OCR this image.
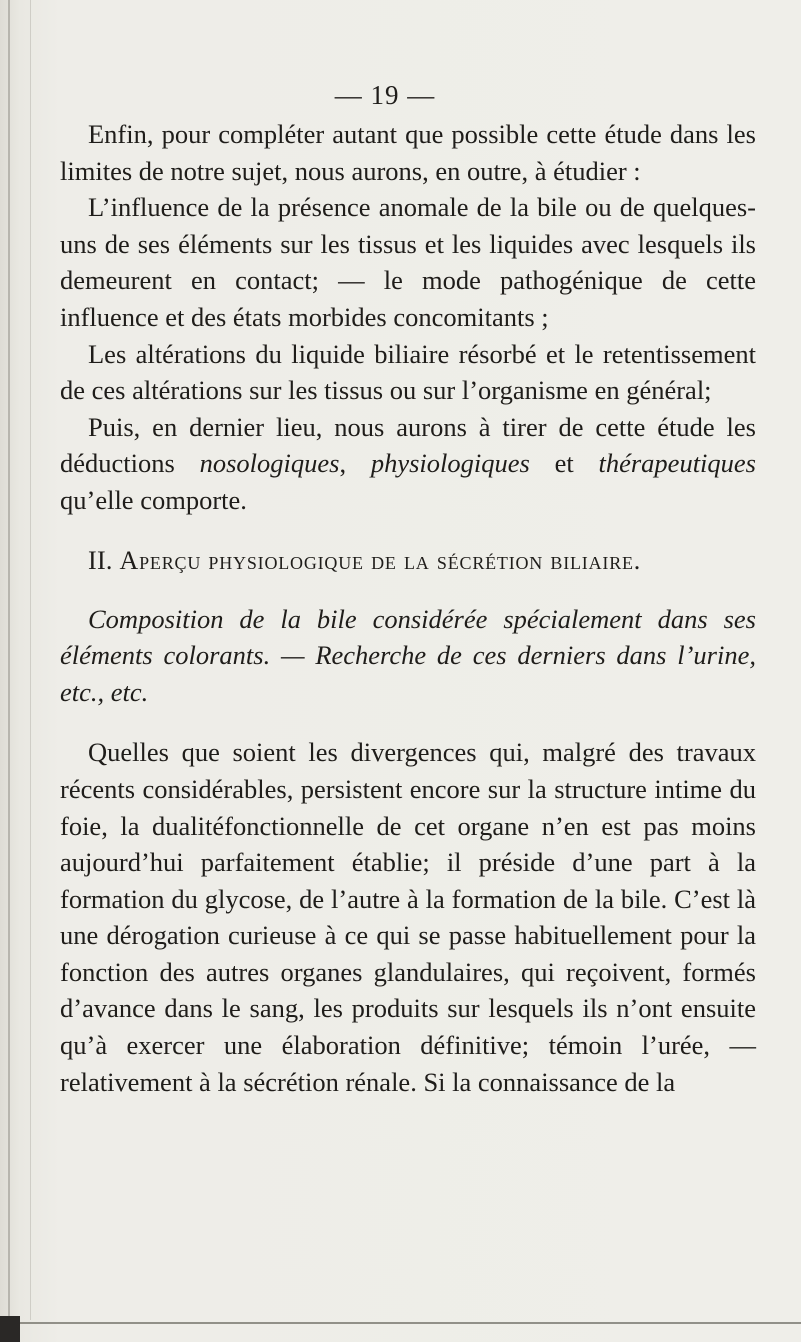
— 19 —

Enfin, pour compléter autant que possible cette étude dans les limites de notre sujet, nous aurons, en outre, à étudier :

L’influence de la présence anomale de la bile ou de quelques-uns de ses éléments sur les tissus et les liquides avec lesquels ils demeurent en contact; — le mode pathogénique de cette influence et des états morbides concomitants ;

Les altérations du liquide biliaire résorbé et le retentissement de ces altérations sur les tissus ou sur l’organisme en général;

Puis, en dernier lieu, nous aurons à tirer de cette étude les déductions nosologiques, physiologiques et thérapeutiques qu’elle comporte.

II. Aperçu physiologique de la sécrétion biliaire.
Composition de la bile considérée spécialement dans ses éléments colorants. — Recherche de ces derniers dans l’urine, etc., etc.

Quelles que soient les divergences qui, malgré des travaux récents considérables, persistent encore sur la structure intime du foie, la dualitéfonctionnelle de cet organe n’en est pas moins aujourd’hui parfaitement établie; il préside d’une part à la formation du glycose, de l’autre à la formation de la bile. C’est là une dérogation curieuse à ce qui se passe habituellement pour la fonction des autres organes glandulaires, qui reçoivent, formés d’avance dans le sang, les produits sur lesquels ils n’ont ensuite qu’à exercer une élaboration définitive; témoin l’urée, — relativement à la sécrétion rénale. Si la connaissance de la
